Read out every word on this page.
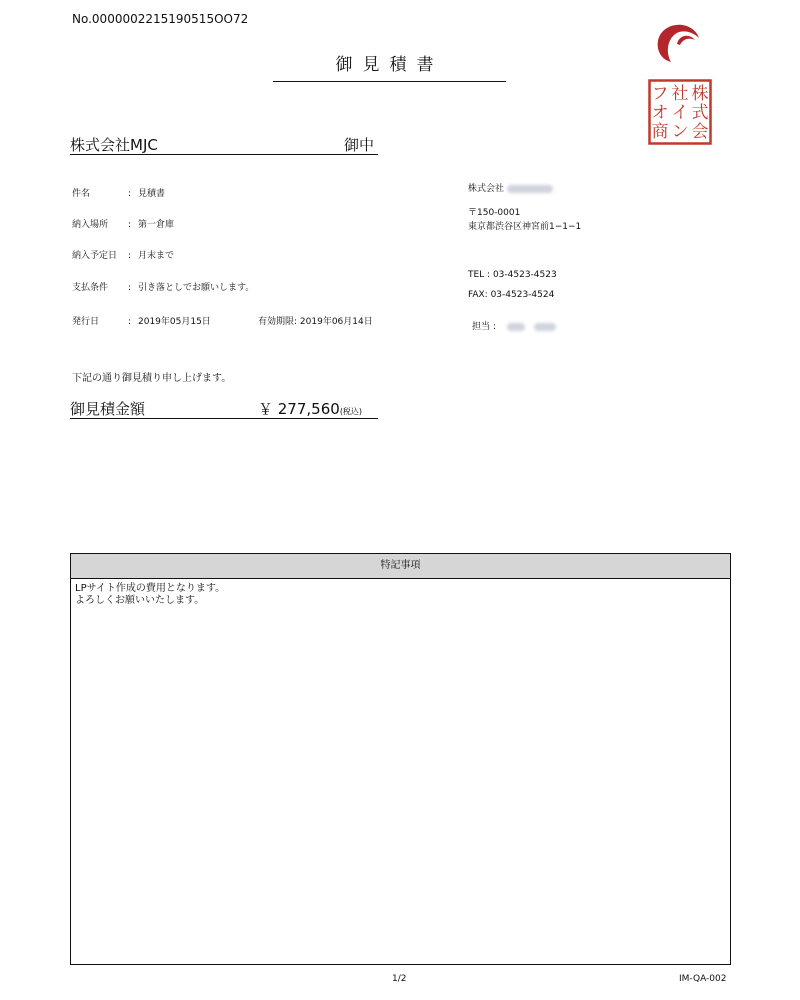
No.0000002215190515OO72
御見積書
株
式
会
社
イ
ン
フ
オ
商
株式会社MJC	御中
件名	: 見積書
納入場所 : 第一倉庫
納入予定日 : 月末まで
支払条件 : 引き落としでお願いします。
発行日	: 2019年05月15日	有効期限: 2019年06月14日
株式会社
〒150-0001
東京都渋谷区神宮前1−1−1
TEL : 03-4523-4523
FAX: 03-4523-4524
担当 :
下記の通り御見積り申し上げます。
御見積金額	￥ 277,560(税込)
特記事項
LPサイト作成の費用となります。
よろしくお願いいたします。
1/2	IM-QA-002
